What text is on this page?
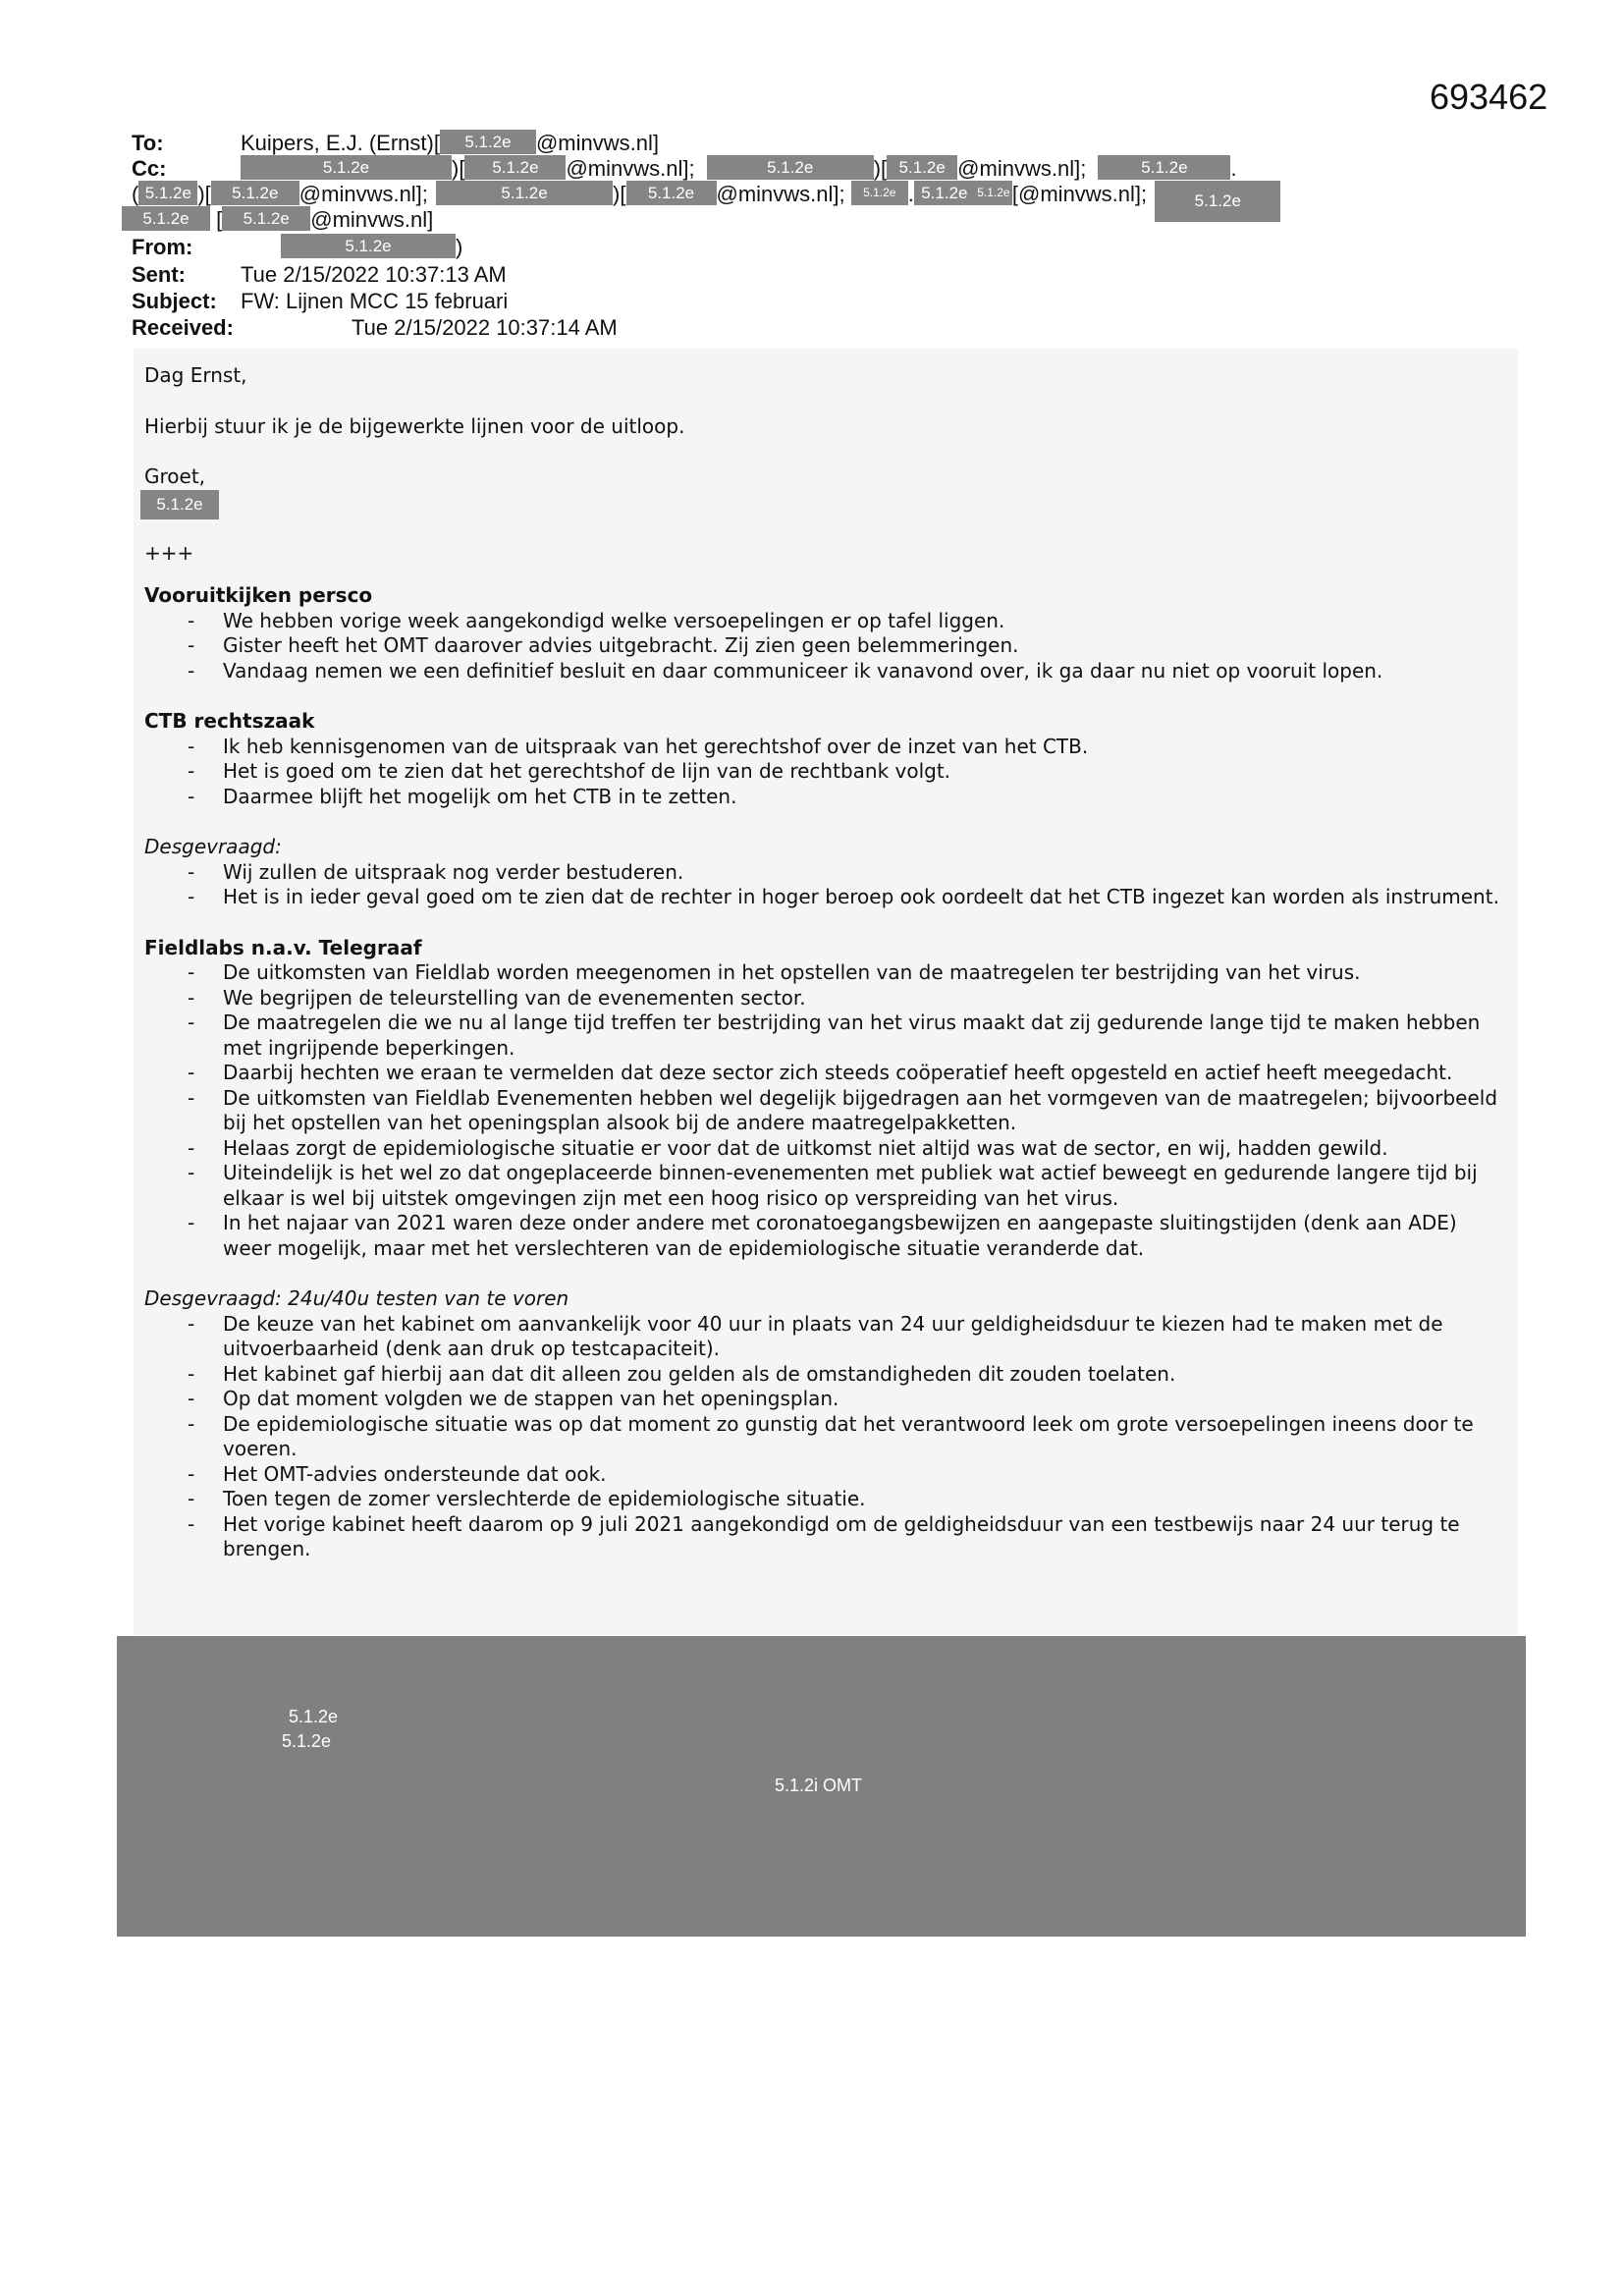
693462
To:	Kuipers, E.J. (Ernst)[ 5.1.2e @minvws.nl]
Cc:	5.1.2e	)[ 5.1.2e @minvws.nl];	5.1.2e	)[ 5.1.2e @minvws.nl];	5.1.2e .
( 5.1.2e )[ 5.1.2e @minvws.nl];	5.1.2e	)[ 5.1.2e @minvws.nl]; 5.1.2e . 5.1.2e 5.1.2e [@minvws.nl];	5.1.2e
5.1.2e [ 5.1.2e @minvws.nl]
From:	5.1.2e	)
Sent:	Tue 2/15/2022 10:37:13 AM
Subject: FW: Lijnen MCC 15 februari
Received:	Tue 2/15/2022 10:37:14 AM

Dag Ernst,

Hierbij stuur ik je de bijgewerkte lijnen voor de uitloop.

Groet,

5.1.2e

+++

Vooruitkijken persco

- We hebben vorige week aangekondigd welke versoepelingen er op tafel liggen.
- Gister heeft het OMT daarover advies uitgebracht. Zij zien geen belemmeringen.
- Vandaag nemen we een definitief besluit en daar communiceer ik vanavond over, ik ga daar nu niet op vooruit lopen.

CTB rechtszaak

- Ik heb kennisgenomen van de uitspraak van het gerechtshof over de inzet van het CTB.
- Het is goed om te zien dat het gerechtshof de lijn van de rechtbank volgt.
- Daarmee blijft het mogelijk om het CTB in te zetten.

Desgevraagd:

- Wij zullen de uitspraak nog verder bestuderen.
- Het is in ieder geval goed om te zien dat de rechter in hoger beroep ook oordeelt dat het CTB ingezet kan worden als instrument.

Fieldlabs n.a.v. Telegraaf

- De uitkomsten van Fieldlab worden meegenomen in het opstellen van de maatregelen ter bestrijding van het virus.
- We begrijpen de teleurstelling van de evenementen sector.
- De maatregelen die we nu al lange tijd treffen ter bestrijding van het virus maakt dat zij gedurende lange tijd te maken hebben met ingrijpende beperkingen.
- Daarbij hechten we eraan te vermelden dat deze sector zich steeds coöperatief heeft opgesteld en actief heeft meegedacht.
- De uitkomsten van Fieldlab Evenementen hebben wel degelijk bijgedragen aan het vormgeven van de maatregelen; bijvoorbeeld bij het opstellen van het openingsplan alsook bij de andere maatregelpakketten.
- Helaas zorgt de epidemiologische situatie er voor dat de uitkomst niet altijd was wat de sector, en wij, hadden gewild.
- Uiteindelijk is het wel zo dat ongeplaceerde binnen-evenementen met publiek wat actief beweegt en gedurende langere tijd bij elkaar is wel bij uitstek omgevingen zijn met een hoog risico op verspreiding van het virus.
- In het najaar van 2021 waren deze onder andere met coronatoegangsbewijzen en aangepaste sluitingstijden (denk aan ADE) weer mogelijk, maar met het verslechteren van de epidemiologische situatie veranderde dat.

Desgevraagd: 24u/40u testen van te voren

- De keuze van het kabinet om aanvankelijk voor 40 uur in plaats van 24 uur geldigheidsduur te kiezen had te maken met de uitvoerbaarheid (denk aan druk op testcapaciteit).
- Het kabinet gaf hierbij aan dat dit alleen zou gelden als de omstandigheden dit zouden toelaten.
- Op dat moment volgden we de stappen van het openingsplan.
- De epidemiologische situatie was op dat moment zo gunstig dat het verantwoord leek om grote versoepelingen ineens door te voeren.
- Het OMT-advies ondersteunde dat ook.
- Toen tegen de zomer verslechterde de epidemiologische situatie.
- Het vorige kabinet heeft daarom op 9 juli 2021 aangekondigd om de geldigheidsduur van een testbewijs naar 24 uur terug te brengen.
5.1.2e
5.1.2e
5.1.2i OMT
